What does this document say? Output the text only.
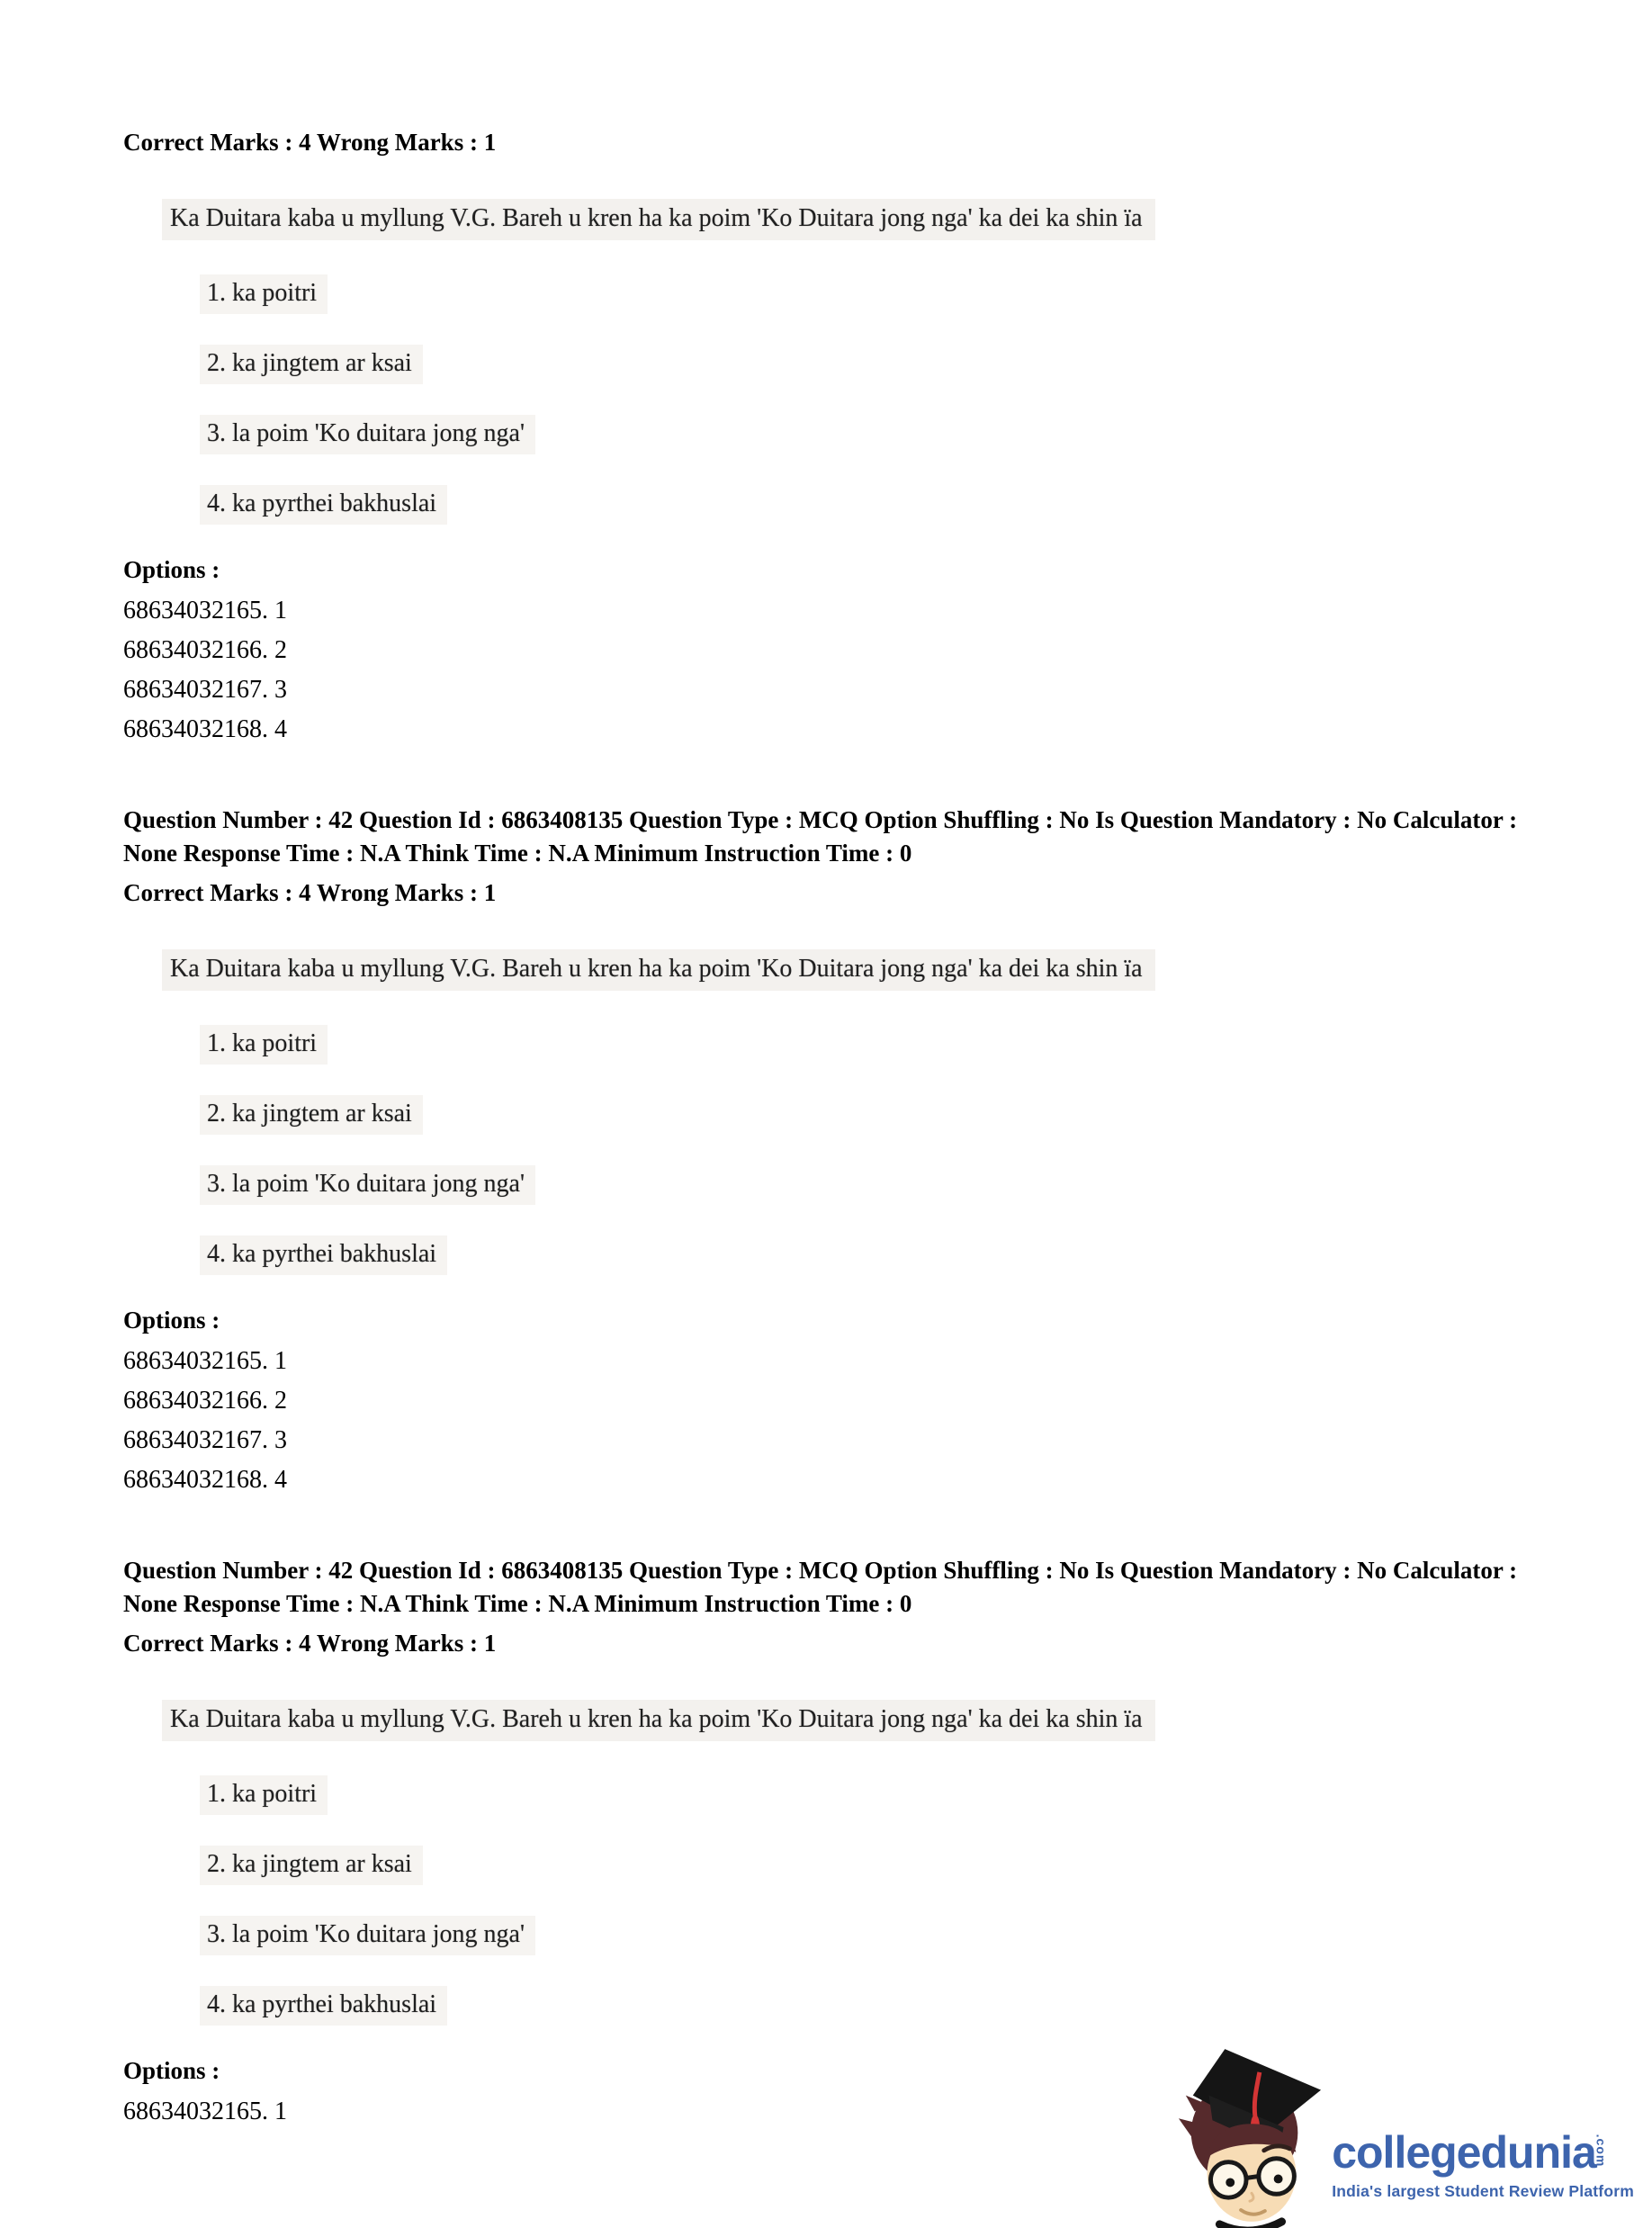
Correct Marks : 4 Wrong Marks : 1

Ka Duitara kaba u myllung V.G. Bareh u kren ha ka poim 'Ko Duitara jong nga' ka dei ka shin ïa
1. ka poitri
2. ka jingtem ar ksai
3. la poim 'Ko duitara jong nga'
4. ka pyrthei bakhuslai

Options :

68634032165. 1
68634032166. 2
68634032167. 3
68634032168. 4

Question Number : 42 Question Id : 6863408135 Question Type : MCQ Option Shuffling : No Is Question Mandatory : No Calculator : None Response Time : N.A Think Time : N.A Minimum Instruction Time : 0

Correct Marks : 4 Wrong Marks : 1

Ka Duitara kaba u myllung V.G. Bareh u kren ha ka poim 'Ko Duitara jong nga' ka dei ka shin ïa
1. ka poitri
2. ka jingtem ar ksai
3. la poim 'Ko duitara jong nga'
4. ka pyrthei bakhuslai

Options :

68634032165. 1
68634032166. 2
68634032167. 3
68634032168. 4

Question Number : 42 Question Id : 6863408135 Question Type : MCQ Option Shuffling : No Is Question Mandatory : No Calculator : None Response Time : N.A Think Time : N.A Minimum Instruction Time : 0

Correct Marks : 4 Wrong Marks : 1

Ka Duitara kaba u myllung V.G. Bareh u kren ha ka poim 'Ko Duitara jong nga' ka dei ka shin ïa
1. ka poitri
2. ka jingtem ar ksai
3. la poim 'Ko duitara jong nga'
4. ka pyrthei bakhuslai

Options :

68634032165. 1
collegedunia
.com
India's largest Student Review Platform
